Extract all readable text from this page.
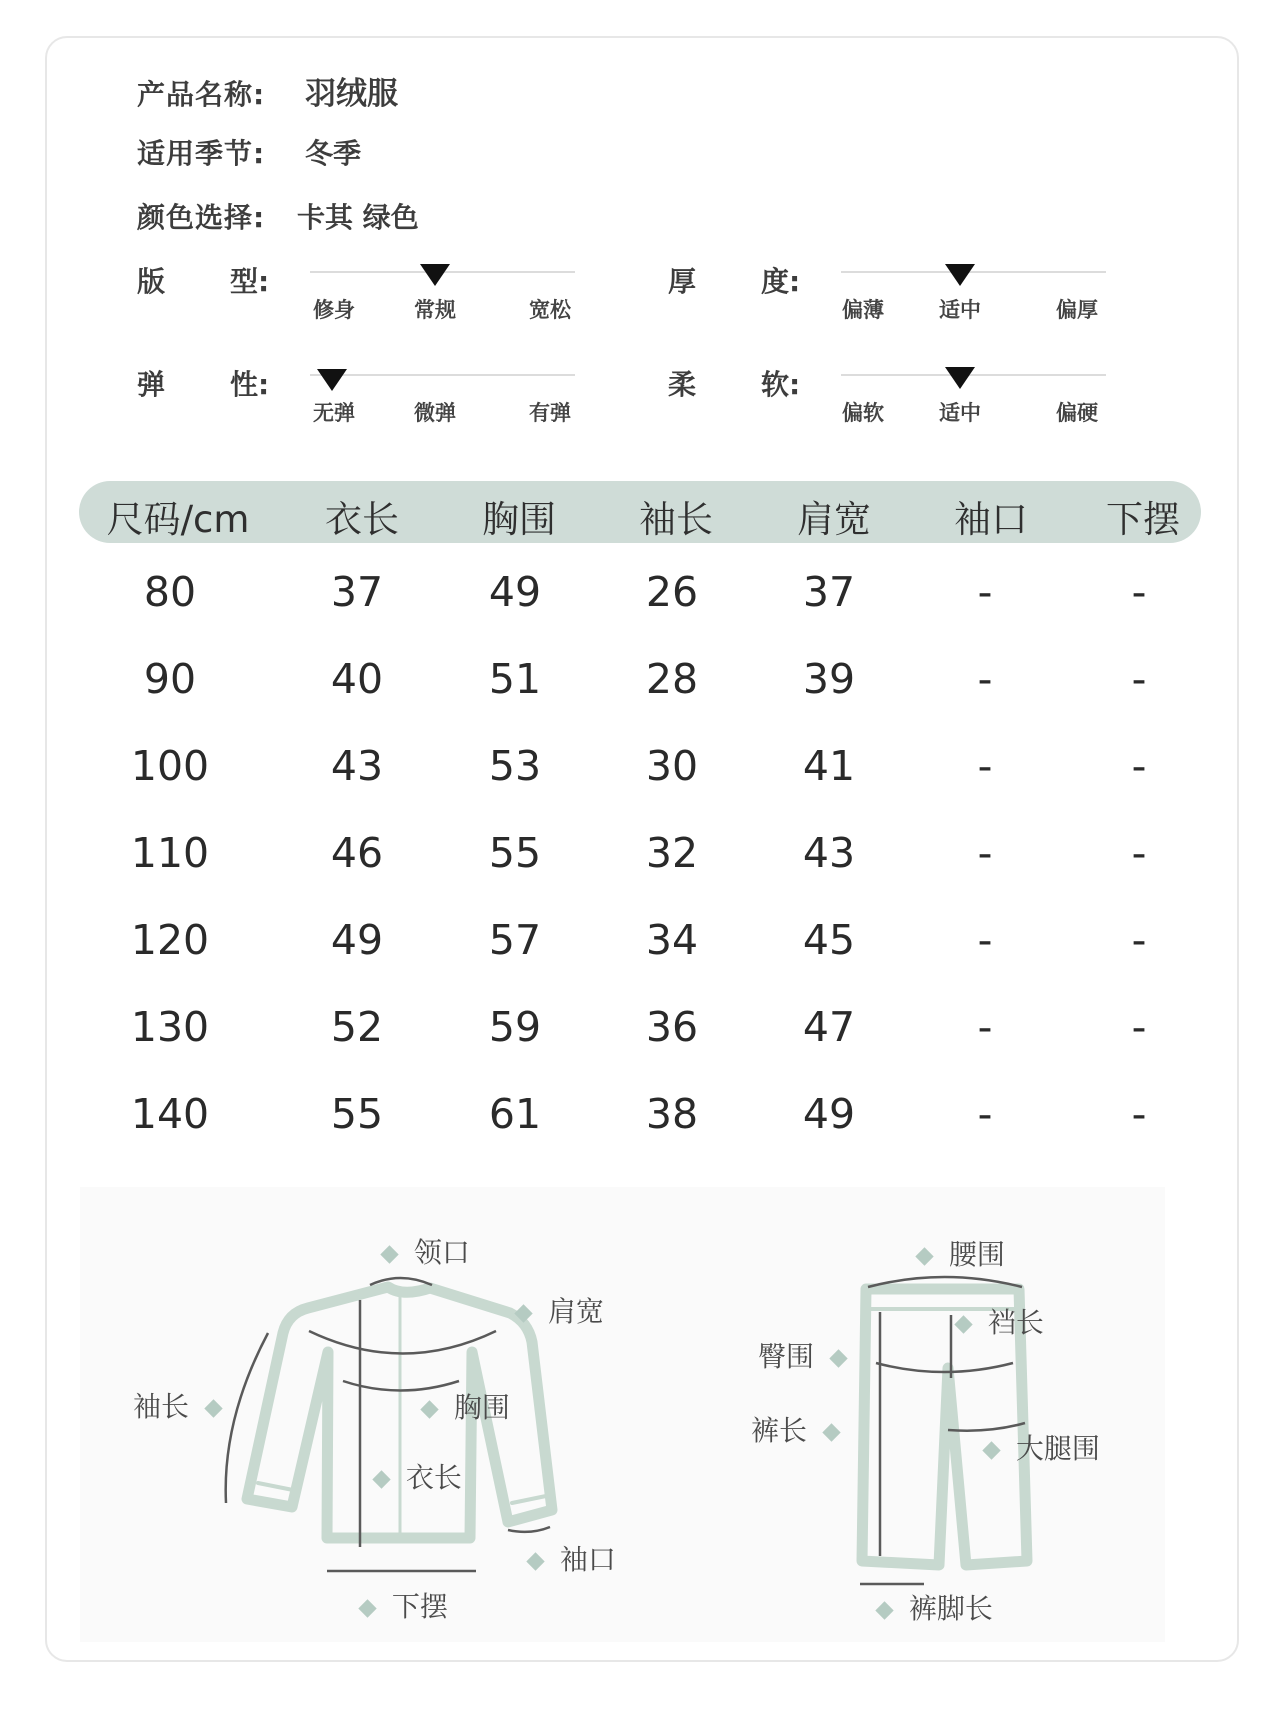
产品名称: 羽绒服
适用季节: 冬季
颜色选择: 卡其 绿色
版 型:
修身	常规	宽松
厚 度:
偏薄	适中	偏厚
弹 性:
无弹	微弹	有弹
柔 软:
偏软	适中	偏硬
尺码/cm 衣长 胸围 袖长 肩宽 袖口 下摆
80	37	49	26	37	-	-
90	40	51	28	39	-	-
100	43	53	30	41	-	-
110	46	55	32	43	-	-
120	49	57	34	45	-	-
130	52	59	36	47	-	-
140	55	61	38	49	-	-
领口
肩宽
袖长	胸围
衣长
袖口
下摆
腰围
裆长
臀围
裤长
大腿围
裤脚长
